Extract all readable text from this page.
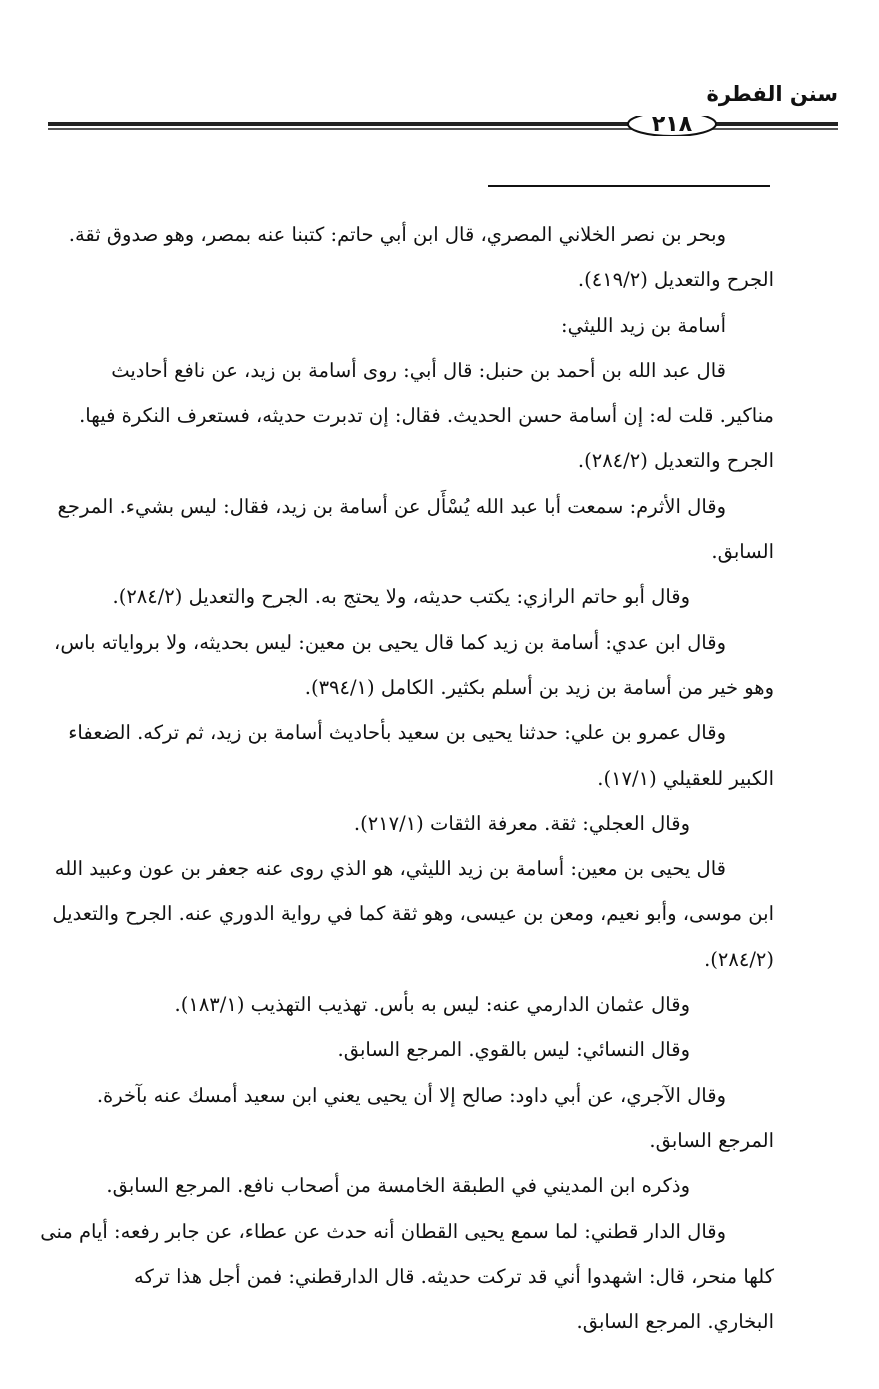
سنن الفطرة
٢١٨

وبحر بن نصر الخلاني المصري، قال ابن أبي حاتم: كتبنا عنه بمصر، وهو صدوق ثقة.

الجرح والتعديل (٤١٩/٢).

أسامة بن زيد الليثي:

قال عبد الله بن أحمد بن حنبل: قال أبي: روى أسامة بن زيد، عن نافع أحاديث

مناكير. قلت له: إن أسامة حسن الحديث. فقال: إن تدبرت حديثه، فستعرف النكرة فيها.

الجرح والتعديل (٢٨٤/٢).

وقال الأثرم: سمعت أبا عبد الله يُسْأَل عن أسامة بن زيد، فقال: ليس بشيء. المرجع

السابق.

وقال أبو حاتم الرازي: يكتب حديثه، ولا يحتج به. الجرح والتعديل (٢٨٤/٢).

وقال ابن عدي: أسامة بن زيد كما قال يحيى بن معين: ليس بحديثه، ولا برواياته باس،

وهو خير من أسامة بن زيد بن أسلم بكثير. الكامل (٣٩٤/١).

وقال عمرو بن علي: حدثنا يحيى بن سعيد بأحاديث أسامة بن زيد، ثم تركه. الضعفاء

الكبير للعقيلي (١٧/١).

وقال العجلي: ثقة. معرفة الثقات (٢١٧/١).

قال يحيى بن معين: أسامة بن زيد الليثي، هو الذي روى عنه جعفر بن عون وعبيد الله

ابن موسى، وأبو نعيم، ومعن بن عيسى، وهو ثقة كما في رواية الدوري عنه. الجرح والتعديل

(٢٨٤/٢).

وقال عثمان الدارمي عنه: ليس به بأس. تهذيب التهذيب (١٨٣/١).

وقال النسائي: ليس بالقوي. المرجع السابق.

وقال الآجري، عن أبي داود: صالح إلا أن يحيى يعني ابن سعيد أمسك عنه بآخرة.

المرجع السابق.

وذكره ابن المديني في الطبقة الخامسة من أصحاب نافع. المرجع السابق.

وقال الدار قطني: لما سمع يحيى القطان أنه حدث عن عطاء، عن جابر رفعه: أيام منى

كلها منحر، قال: اشهدوا أني قد تركت حديثه. قال الدارقطني: فمن أجل هذا تركه

البخاري. المرجع السابق.
